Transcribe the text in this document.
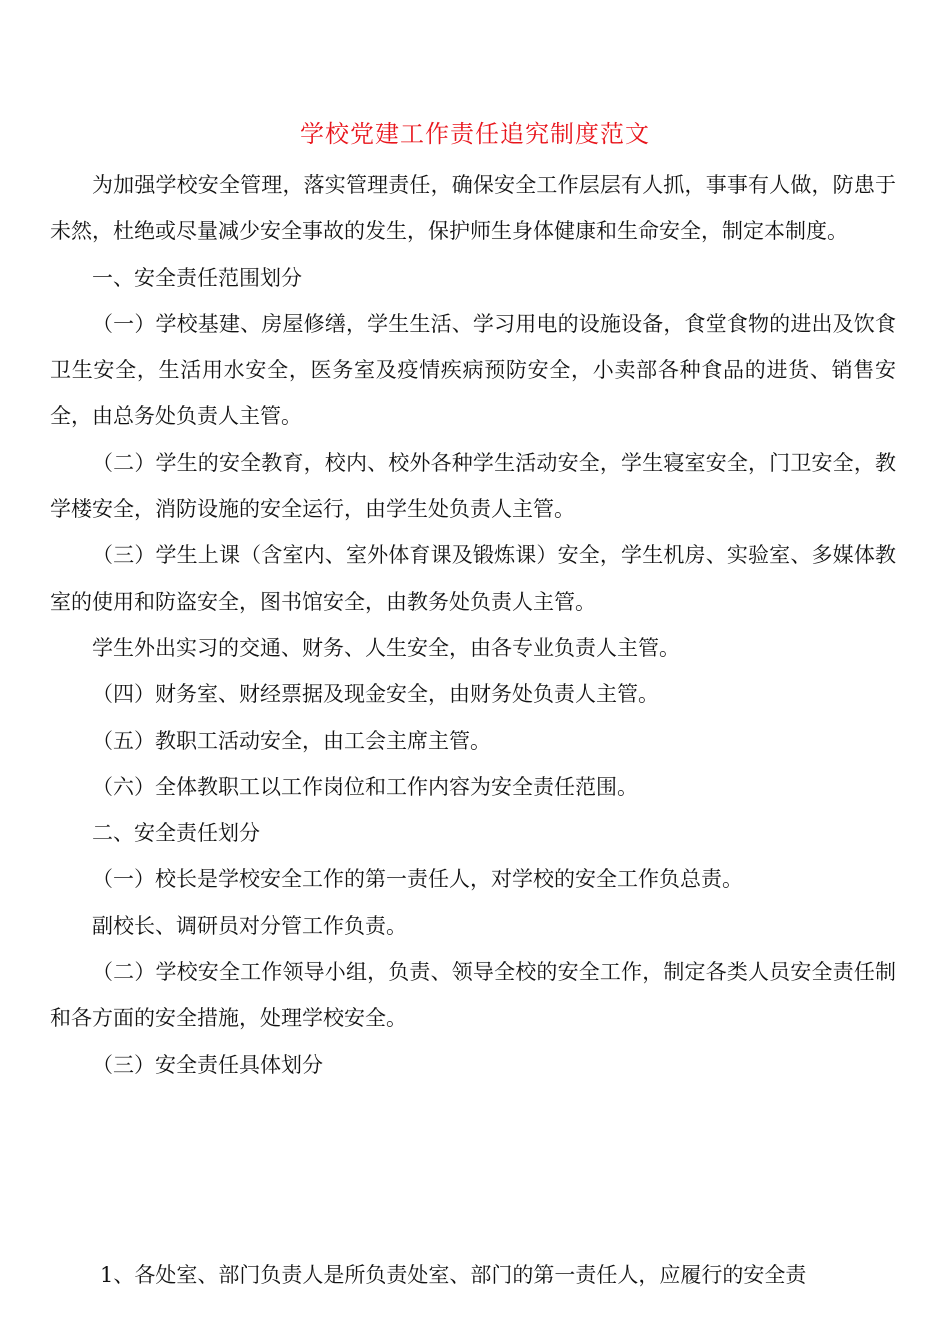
学校党建工作责任追究制度范文

为加强学校安全管理，落实管理责任，确保安全工作层层有人抓，事事有人做，防患于未然，杜绝或尽量减少安全事故的发生，保护师生身体健康和生命安全，制定本制度。

一、安全责任范围划分

（一）学校基建、房屋修缮，学生生活、学习用电的设施设备，食堂食物的进出及饮食卫生安全，生活用水安全，医务室及疫情疾病预防安全，小卖部各种食品的进货、销售安全，由总务处负责人主管。

（二）学生的安全教育，校内、校外各种学生活动安全，学生寝室安全，门卫安全，教学楼安全，消防设施的安全运行，由学生处负责人主管。

（三）学生上课（含室内、室外体育课及锻炼课）安全，学生机房、实验室、多媒体教室的使用和防盗安全，图书馆安全，由教务处负责人主管。

学生外出实习的交通、财务、人生安全，由各专业负责人主管。

（四）财务室、财经票据及现金安全，由财务处负责人主管。

（五）教职工活动安全，由工会主席主管。

（六）全体教职工以工作岗位和工作内容为安全责任范围。

二、安全责任划分

（一）校长是学校安全工作的第一责任人，对学校的安全工作负总责。

副校长、调研员对分管工作负责。

（二）学校安全工作领导小组，负责、领导全校的安全工作，制定各类人员安全责任制和各方面的安全措施，处理学校安全。

（三）安全责任具体划分

1、各处室、部门负责人是所负责处室、部门的第一责任人，应履行的安全责
